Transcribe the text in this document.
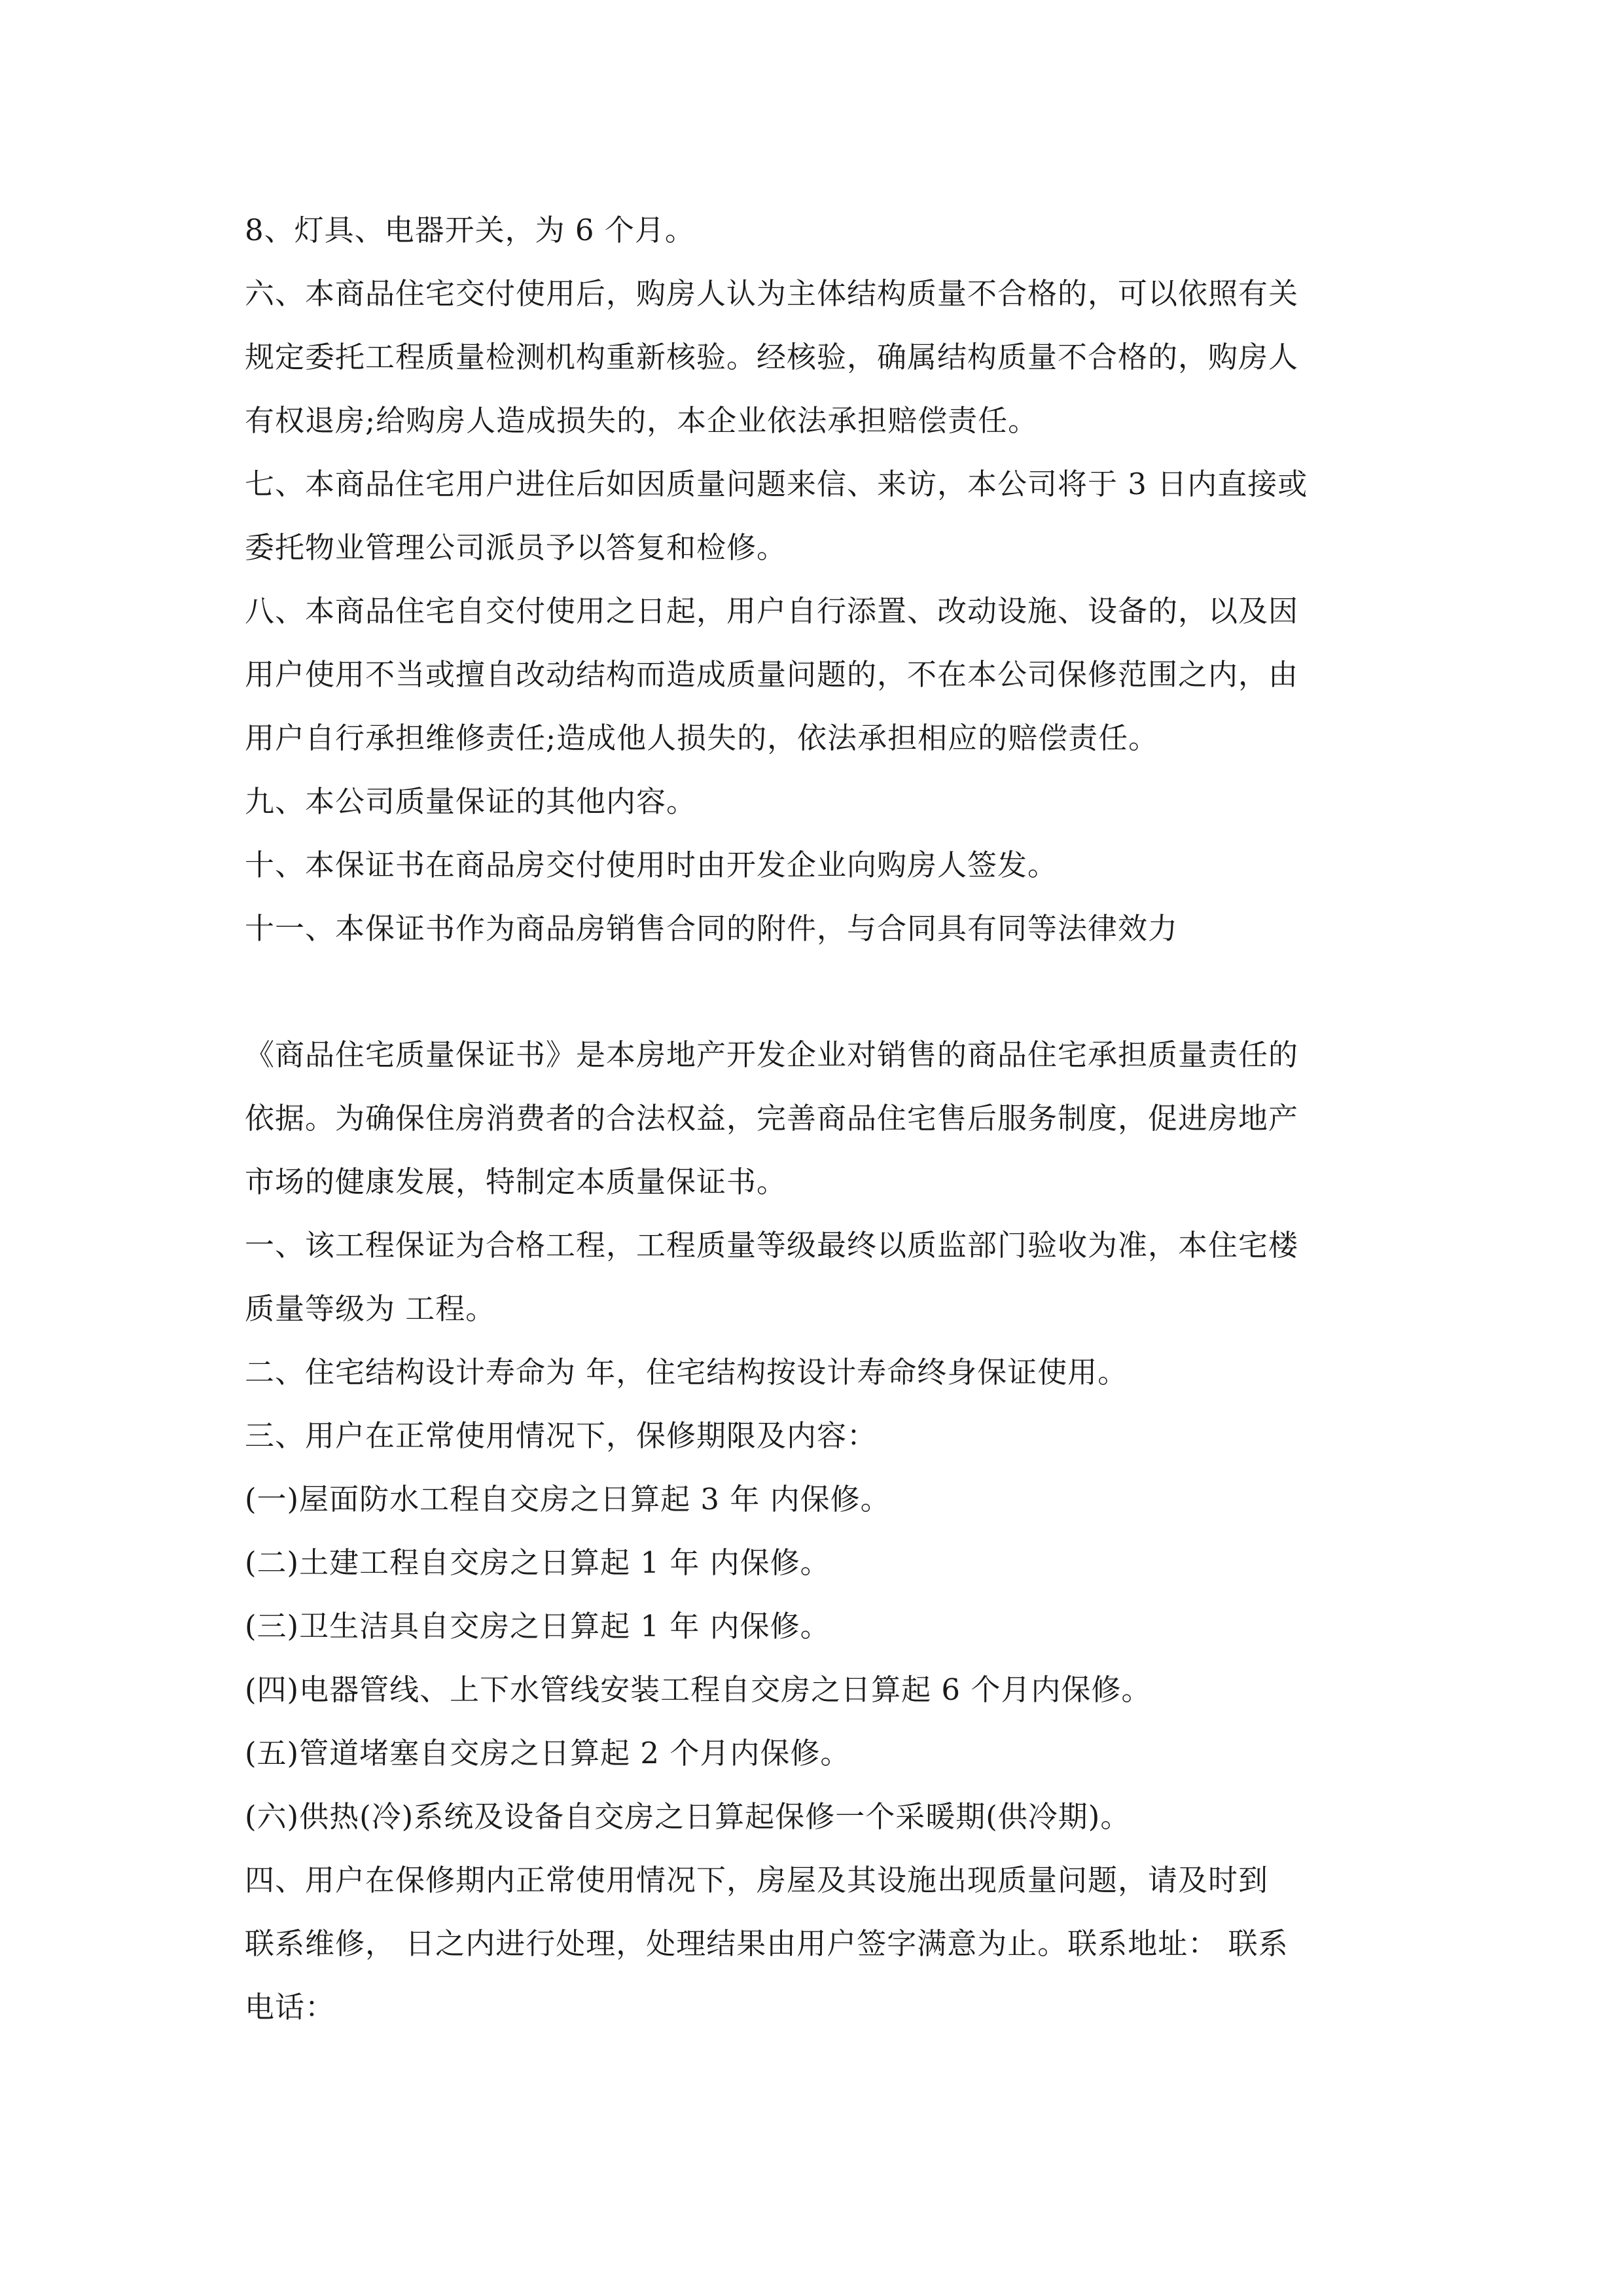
8、灯具、电器开关，为 6 个月。
六、本商品住宅交付使用后，购房人认为主体结构质量不合格的，可以依照有关
规定委托工程质量检测机构重新核验。经核验，确属结构质量不合格的，购房人
有权退房;给购房人造成损失的，本企业依法承担赔偿责任。
七、本商品住宅用户进住后如因质量问题来信、来访，本公司将于 3 日内直接或
委托物业管理公司派员予以答复和检修。
八、本商品住宅自交付使用之日起，用户自行添置、改动设施、设备的，以及因
用户使用不当或擅自改动结构而造成质量问题的，不在本公司保修范围之内，由
用户自行承担维修责任;造成他人损失的，依法承担相应的赔偿责任。
九、本公司质量保证的其他内容。
十、本保证书在商品房交付使用时由开发企业向购房人签发。
十一、本保证书作为商品房销售合同的附件，与合同具有同等法律效力
《商品住宅质量保证书》是本房地产开发企业对销售的商品住宅承担质量责任的
依据。为确保住房消费者的合法权益，完善商品住宅售后服务制度，促进房地产
市场的健康发展，特制定本质量保证书。
一、该工程保证为合格工程，工程质量等级最终以质监部门验收为准，本住宅楼
质量等级为 工程。
二、住宅结构设计寿命为 年，住宅结构按设计寿命终身保证使用。
三、用户在正常使用情况下，保修期限及内容：
(一)屋面防水工程自交房之日算起 3 年 内保修。
(二)土建工程自交房之日算起 1 年 内保修。
(三)卫生洁具自交房之日算起 1 年 内保修。
(四)电器管线、上下水管线安装工程自交房之日算起 6 个月内保修。
(五)管道堵塞自交房之日算起 2 个月内保修。
(六)供热(冷)系统及设备自交房之日算起保修一个采暖期(供冷期)。
四、用户在保修期内正常使用情况下，房屋及其设施出现质量问题，请及时到
联系维修， 日之内进行处理，处理结果由用户签字满意为止。联系地址： 联系
电话：
